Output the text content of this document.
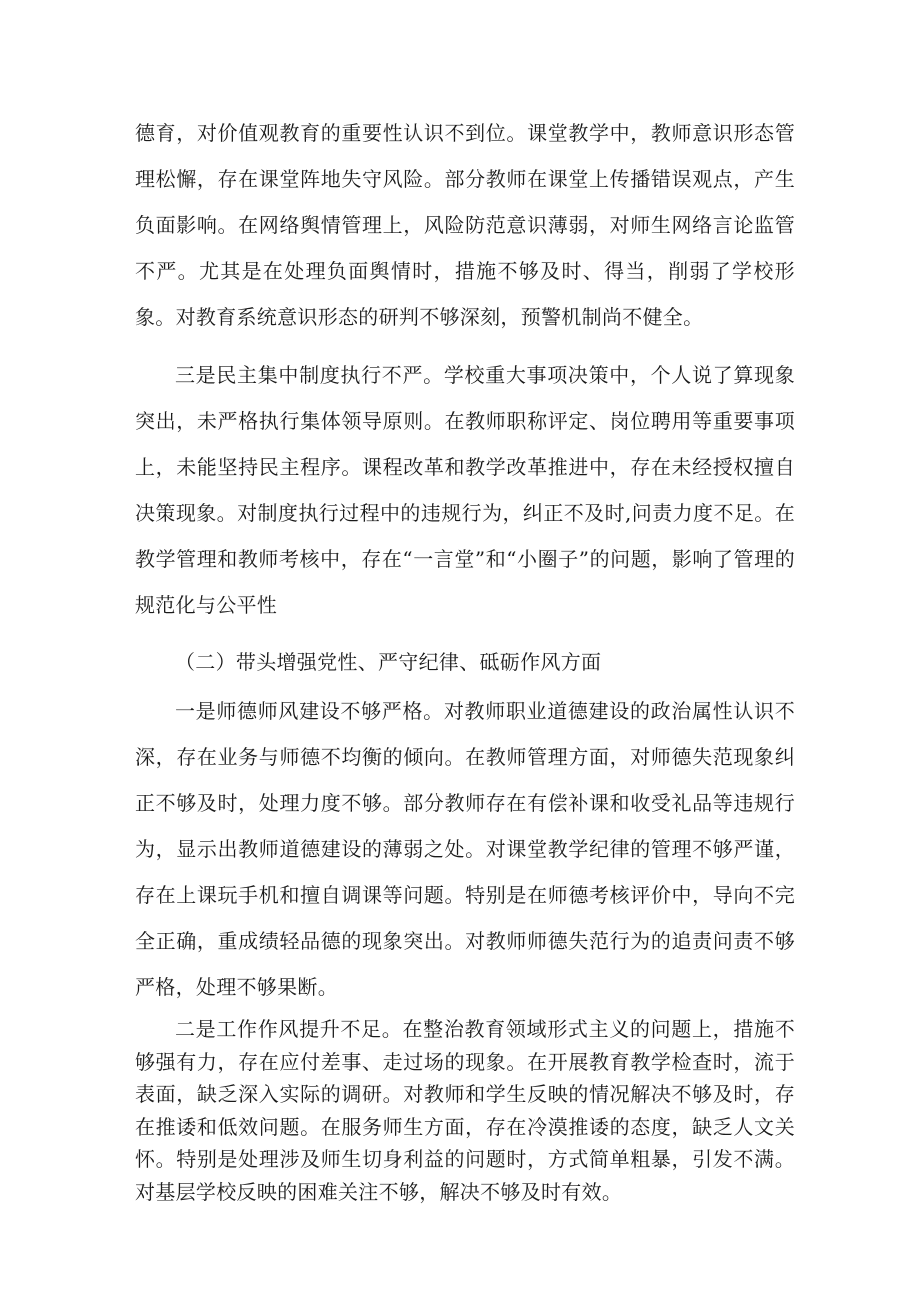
德育，对价值观教育的重要性认识不到位。课堂教学中，教师意识形态管理松懈，存在课堂阵地失守风险。部分教师在课堂上传播错误观点，产生负面影响。在网络舆情管理上，风险防范意识薄弱，对师生网络言论监管不严。尤其是在处理负面舆情时，措施不够及时、得当，削弱了学校形象。对教育系统意识形态的研判不够深刻，预警机制尚不健全。

三是民主集中制度执行不严。学校重大事项决策中，个人说了算现象突出，未严格执行集体领导原则。在教师职称评定、岗位聘用等重要事项上，未能坚持民主程序。课程改革和教学改革推进中，存在未经授权擅自决策现象。对制度执行过程中的违规行为，纠正不及时,问责力度不足。在教学管理和教师考核中，存在“一言堂”和“小圈子”的问题，影响了管理的规范化与公平性

（二）带头增强党性、严守纪律、砥砺作风方面

一是师德师风建设不够严格。对教师职业道德建设的政治属性认识不深，存在业务与师德不均衡的倾向。在教师管理方面，对师德失范现象纠正不够及时，处理力度不够。部分教师存在有偿补课和收受礼品等违规行为，显示出教师道德建设的薄弱之处。对课堂教学纪律的管理不够严谨，存在上课玩手机和擅自调课等问题。特别是在师德考核评价中，导向不完全正确，重成绩轻品德的现象突出。对教师师德失范行为的追责问责不够严格，处理不够果断。

二是工作作风提升不足。在整治教育领域形式主义的问题上，措施不够强有力，存在应付差事、走过场的现象。在开展教育教学检查时，流于表面，缺乏深入实际的调研。对教师和学生反映的情况解决不够及时，存在推诿和低效问题。在服务师生方面，存在冷漠推诿的态度，缺乏人文关怀。特别是处理涉及师生切身利益的问题时，方式简单粗暴，引发不满。对基层学校反映的困难关注不够，解决不够及时有效。
